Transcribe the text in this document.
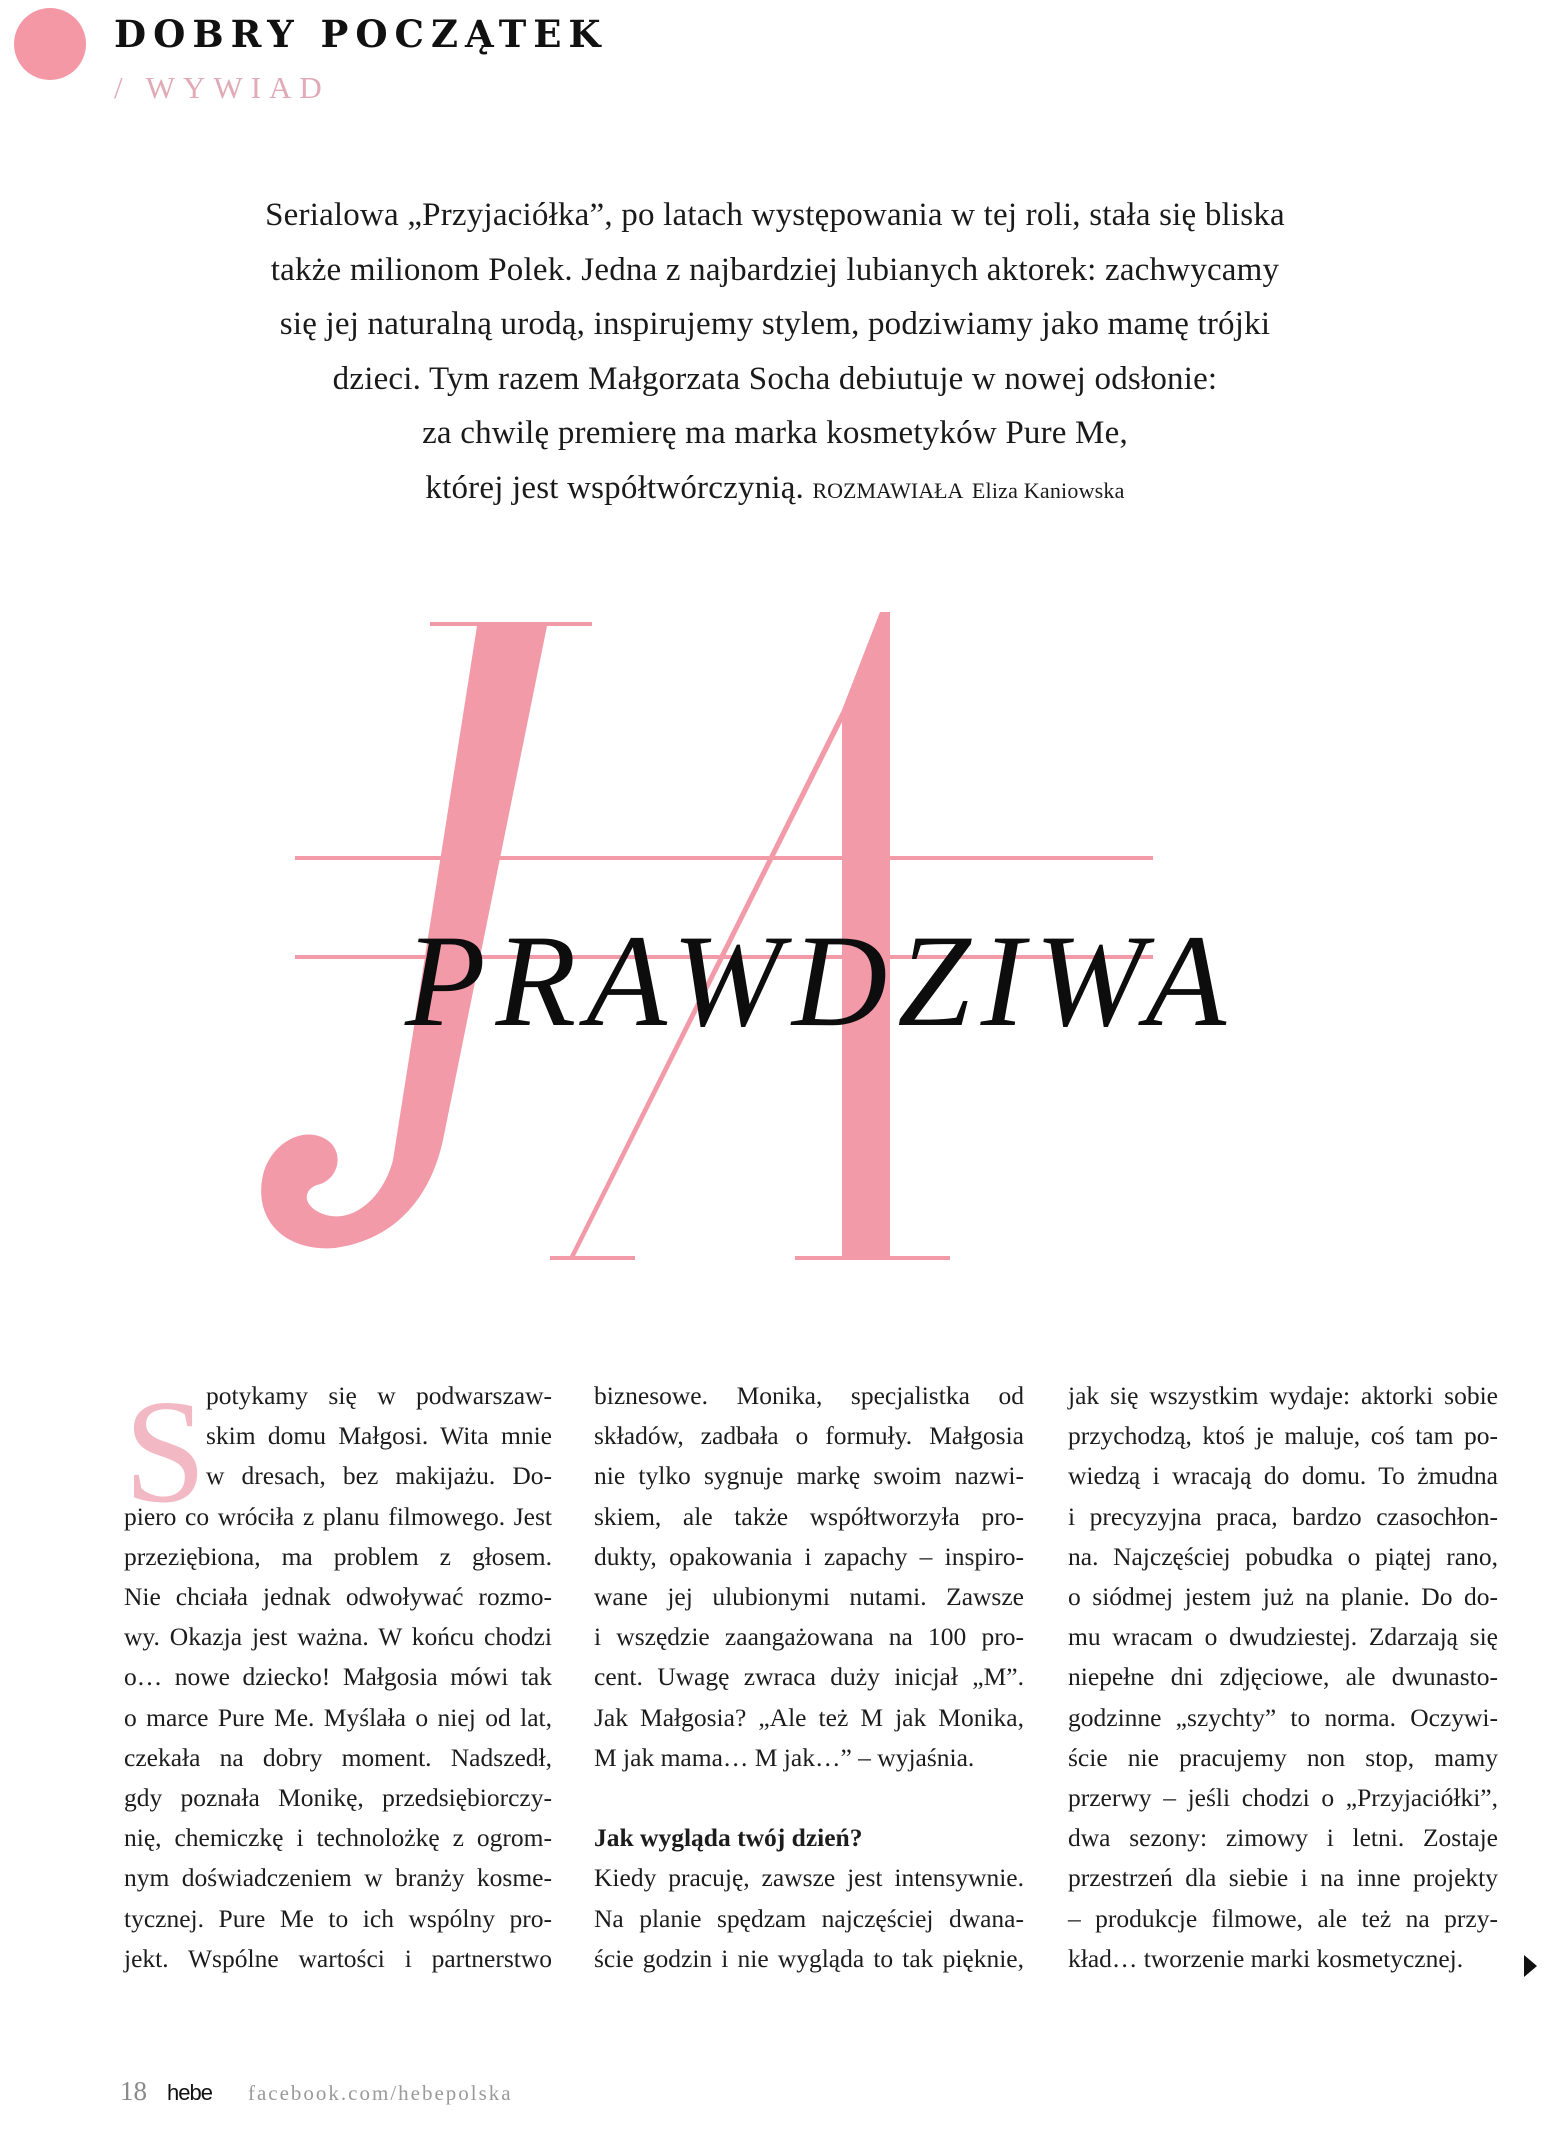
DOBRY POCZĄTEK
/ WYWIAD
Serialowa „Przyjaciółka”, po latach występowania w tej roli, stała się bliska
także milionom Polek. Jedna z najbardziej lubianych aktorek: zachwycamy
się jej naturalną urodą, inspirujemy stylem, podziwiamy jako mamę trójki
dzieci. Tym razem Małgorzata Socha debiutuje w nowej odsłonie:
za chwilę premierę ma marka kosmetyków Pure Me,
której jest współtwórczynią. ROZMAWIAŁA Eliza Kaniowska
PRAWDZIWA
S potykamy się w podwarszaw-
skim domu Małgosi. Wita mnie
w dresach, bez makijażu. Do-
piero co wróciła z planu filmowego. Jest
przeziębiona, ma problem z głosem.
Nie chciała jednak odwoływać rozmo-
wy. Okazja jest ważna. W końcu chodzi
o… nowe dziecko! Małgosia mówi tak
o marce Pure Me. Myślała o niej od lat,
czekała na dobry moment. Nadszedł,
gdy poznała Monikę, przedsiębiorczy-
nię, chemiczkę i technolożkę z ogrom-
nym doświadczeniem w branży kosme-
tycznej. Pure Me to ich wspólny pro-
jekt. Wspólne wartości i partnerstwo
biznesowe. Monika, specjalistka od
składów, zadbała o formuły. Małgosia
nie tylko sygnuje markę swoim nazwi-
skiem, ale także współtworzyła pro-
dukty, opakowania i zapachy – inspiro-
wane jej ulubionymi nutami. Zawsze
i wszędzie zaangażowana na 100 pro-
cent. Uwagę zwraca duży inicjał „M”.
Jak Małgosia? „Ale też M jak Monika,
M jak mama… M jak…” – wyjaśnia.
Jak wygląda twój dzień?
Kiedy pracuję, zawsze jest intensywnie.
Na planie spędzam najczęściej dwana-
ście godzin i nie wygląda to tak pięknie,
jak się wszystkim wydaje: aktorki sobie
przychodzą, ktoś je maluje, coś tam po-
wiedzą i wracają do domu. To żmudna
i precyzyjna praca, bardzo czasochłon-
na. Najczęściej pobudka o piątej rano,
o siódmej jestem już na planie. Do do-
mu wracam o dwudziestej. Zdarzają się
niepełne dni zdjęciowe, ale dwunasto-
godzinne „szychty” to norma. Oczywi-
ście nie pracujemy non stop, mamy
przerwy – jeśli chodzi o „Przyjaciółki”,
dwa sezony: zimowy i letni. Zostaje
przestrzeń dla siebie i na inne projekty
– produkcje filmowe, ale też na przy-
kład… tworzenie marki kosmetycznej.
18 hebe facebook.com/hebepolska
